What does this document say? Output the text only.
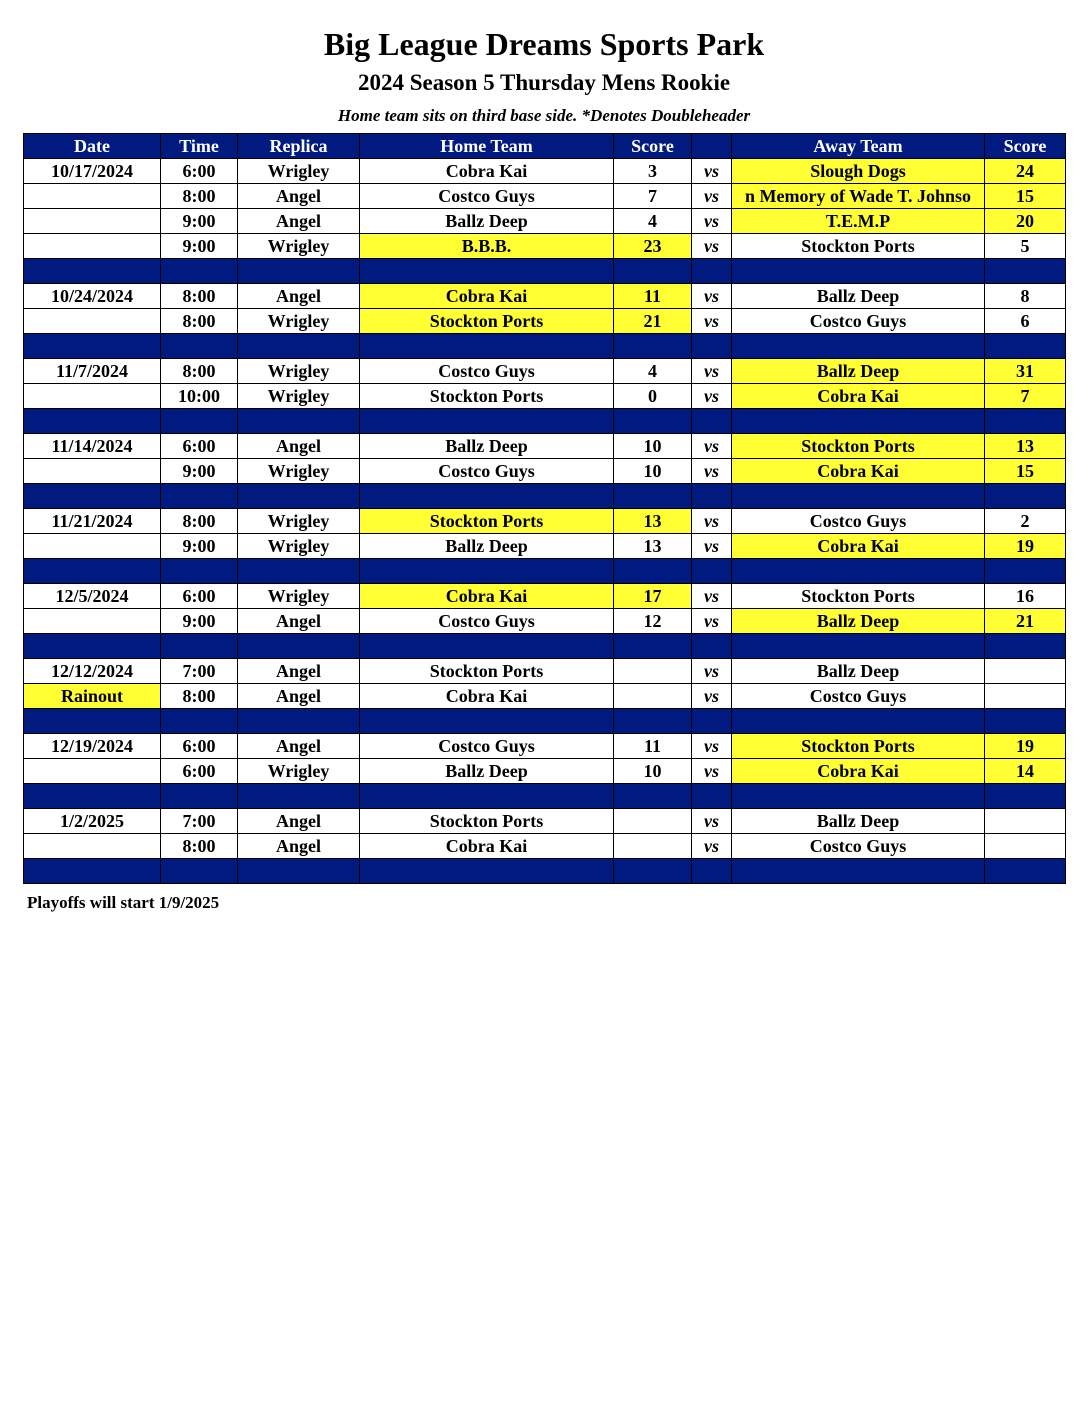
Big League Dreams Sports Park
2024 Season 5 Thursday Mens Rookie
Home team sits on third base side. *Denotes Doubleheader
Date	Time	Replica	Home Team	Score		Away Team	Score
10/17/2024	6:00	Wrigley	Cobra Kai	3	vs	Slough Dogs	24
	8:00	Angel	Costco Guys	7	vs	n Memory of Wade T. Johnso	15
	9:00	Angel	Ballz Deep	4	vs	T.E.M.P	20
	9:00	Wrigley	B.B.B.	23	vs	Stockton Ports	5

10/24/2024	8:00	Angel	Cobra Kai	11	vs	Ballz Deep	8
	8:00	Wrigley	Stockton Ports	21	vs	Costco Guys	6

11/7/2024	8:00	Wrigley	Costco Guys	4	vs	Ballz Deep	31
	10:00	Wrigley	Stockton Ports	0	vs	Cobra Kai	7

11/14/2024	6:00	Angel	Ballz Deep	10	vs	Stockton Ports	13
	9:00	Wrigley	Costco Guys	10	vs	Cobra Kai	15

11/21/2024	8:00	Wrigley	Stockton Ports	13	vs	Costco Guys	2
	9:00	Wrigley	Ballz Deep	13	vs	Cobra Kai	19

12/5/2024	6:00	Wrigley	Cobra Kai	17	vs	Stockton Ports	16
	9:00	Angel	Costco Guys	12	vs	Ballz Deep	21

12/12/2024	7:00	Angel	Stockton Ports		vs	Ballz Deep	
Rainout	8:00	Angel	Cobra Kai		vs	Costco Guys	

12/19/2024	6:00	Angel	Costco Guys	11	vs	Stockton Ports	19
	6:00	Wrigley	Ballz Deep	10	vs	Cobra Kai	14

1/2/2025	7:00	Angel	Stockton Ports		vs	Ballz Deep	
	8:00	Angel	Cobra Kai		vs	Costco Guys	

Playoffs will start 1/9/2025
